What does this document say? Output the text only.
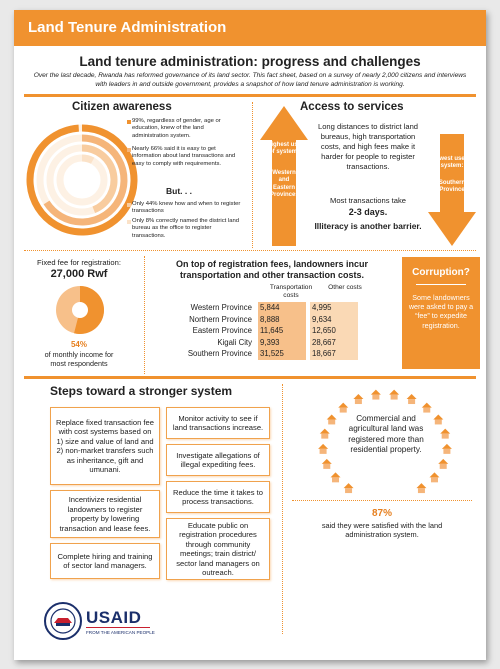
Land Tenure Administration
Land tenure administration: progress and challenges
Over the last decade, Rwanda has reformed governance of its land sector. This fact sheet, based on a survey of nearly 2,000 citizens and interviews with leaders in and outside government, provides a snapshot of how land tenure administration is working.
Citizen awareness
99%, regardless of gender, age or education, knew of the land administration system.
Nearly 66% said it is easy to get information about land transactions and easy to comply with requirements.
But. . .
Only 44% knew how and when to register transactions
Only 8% correctly named the district land bureau as the office to register transactions.
Access to services
Highest use of system:
Western and Eastern Provinces
Lowest use of system:
Southern Province
Long distances to district land bureaus, high transportation costs, and high fees make it harder for people to register transactions.
Most transactions take
2-3 days.
Illiteracy is another barrier.
Fixed fee for registration:
27,000 Rwf
54%
of monthly income for most respondents
On top of registration fees, landowners incur transportation and other transaction costs.
Transportation costs
Other costs
Western Province	5,844		4,995
Northern Province	8,888		9,634
Eastern Province	11,645		12,650
Kigali City	9,393		28,667
Southern Province	31,525		18,667
Corruption?
Some landowners were asked to pay a “fee” to expedite registration.
Steps toward a stronger system
Replace fixed transaction fee with cost systems based on 1) size and value of land and 2) non-market transfers such as inheritance, gift and umunani.
Incentivize residential landowners to register property by lowering transaction and lease fees.
Complete hiring and training of sector land managers.
Monitor activity to see if land transactions increase.
Investigate allegations of illegal expediting fees.
Reduce the time it takes to process transactions.
Educate public on registration procedures through community meetings; train district/ sector land managers on outreach.
Commercial and agricultural land was registered more than residential property.
87%
said they were satisfied with the land administration system.
USAID
FROM THE AMERICAN PEOPLE
